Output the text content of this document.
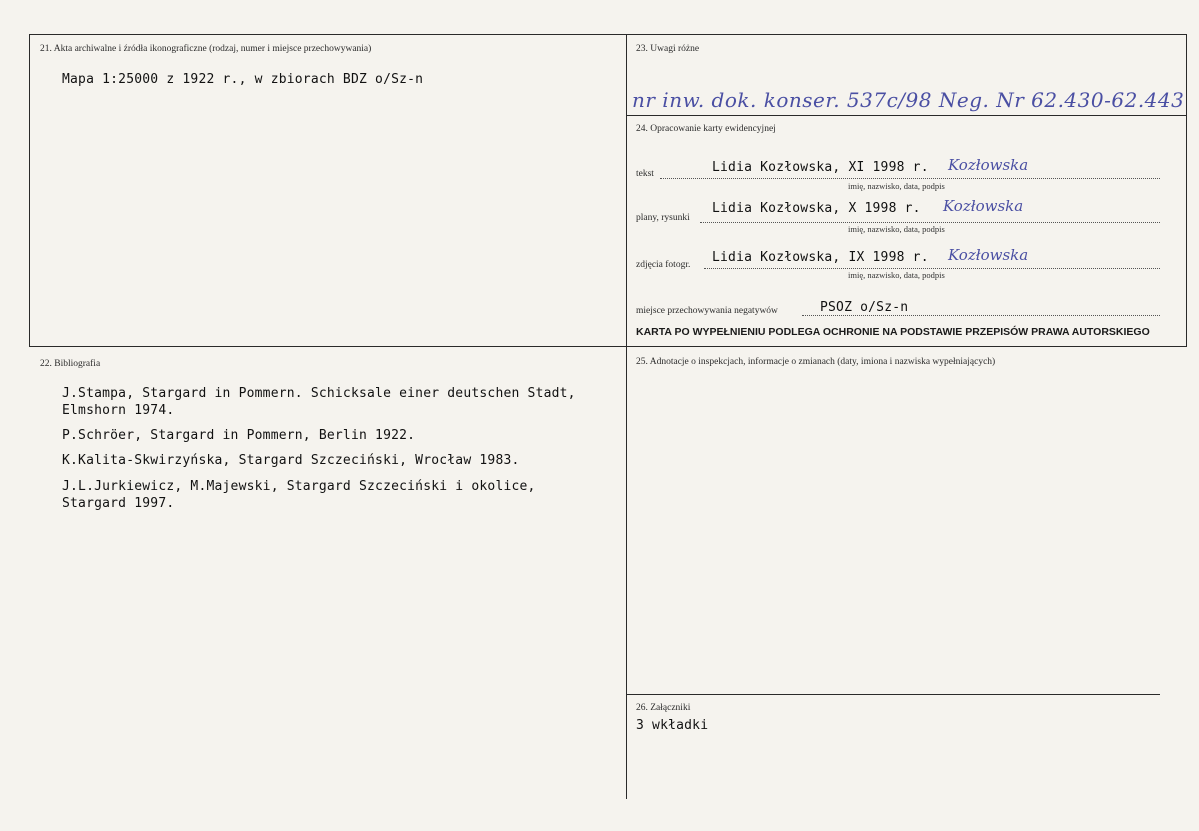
21. Akta archiwalne i źródła ikonograficzne (rodzaj, numer i miejsce przechowywania)
Mapa 1:25000 z 1922 r., w zbiorach BDZ o/Sz-n
23. Uwagi różne
nr inw. dok. konser. 537c/98 Neg. Nr 62.430-62.443
24. Opracowanie karty ewidencyjnej
tekst	Lidia Kozłowska, XI 1998 r. Kozłowska
imię, nazwisko, data, podpis
plany, rysunki
Lidia Kozłowska, X 1998 r. Kozłowska
imię, nazwisko, data, podpis
zdjęcia fotogr. Lidia Kozłowska, IX 1998 r. Kozłowska
imię, nazwisko, data, podpis
miejsce przechowywania negatywów	PSOZ o/Sz-n
KARTA PO WYPEŁNIENIU PODLEGA OCHRONIE NA PODSTAWIE PRZEPISÓW PRAWA AUTORSKIEGO
22. Bibliografia
J.Stampa, Stargard in Pommern. Schicksale einer deutschen Stadt,
Elmshorn 1974.
P.Schröer, Stargard in Pommern, Berlin 1922.
K.Kalita-Skwirzyńska, Stargard Szczeciński, Wrocław 1983.
J.L.Jurkiewicz, M.Majewski, Stargard Szczeciński i okolice,
Stargard 1997.
25. Adnotacje o inspekcjach, informacje o zmianach (daty, imiona i nazwiska wypełniających)
26. Załączniki
3 wkładki
